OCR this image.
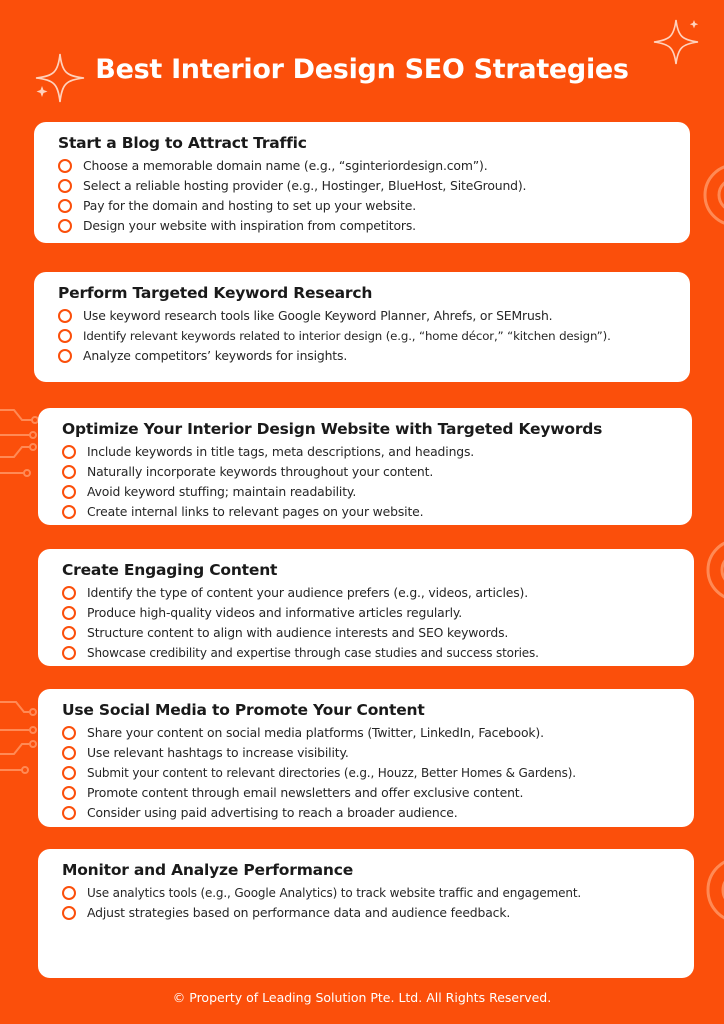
Best Interior Design SEO Strategies
Start a Blog to Attract Traffic
Choose a memorable domain name (e.g., “sginteriordesign.com”).
Select a reliable hosting provider (e.g., Hostinger, BlueHost, SiteGround).
Pay for the domain and hosting to set up your website.
Design your website with inspiration from competitors.
Perform Targeted Keyword Research
Use keyword research tools like Google Keyword Planner, Ahrefs, or SEMrush.
Identify relevant keywords related to interior design (e.g., “home décor,” “kitchen design”).
Analyze competitors’ keywords for insights.
Optimize Your Interior Design Website with Targeted Keywords
Include keywords in title tags, meta descriptions, and headings.
Naturally incorporate keywords throughout your content.
Avoid keyword stuffing; maintain readability.
Create internal links to relevant pages on your website.
Create Engaging Content
Identify the type of content your audience prefers (e.g., videos, articles).
Produce high-quality videos and informative articles regularly.
Structure content to align with audience interests and SEO keywords.
Showcase credibility and expertise through case studies and success stories.
Use Social Media to Promote Your Content
Share your content on social media platforms (Twitter, LinkedIn, Facebook).
Use relevant hashtags to increase visibility.
Submit your content to relevant directories (e.g., Houzz, Better Homes & Gardens).
Promote content through email newsletters and offer exclusive content.
Consider using paid advertising to reach a broader audience.
Monitor and Analyze Performance
Use analytics tools (e.g., Google Analytics) to track website traffic and engagement.
Adjust strategies based on performance data and audience feedback.
© Property of Leading Solution Pte. Ltd. All Rights Reserved.
